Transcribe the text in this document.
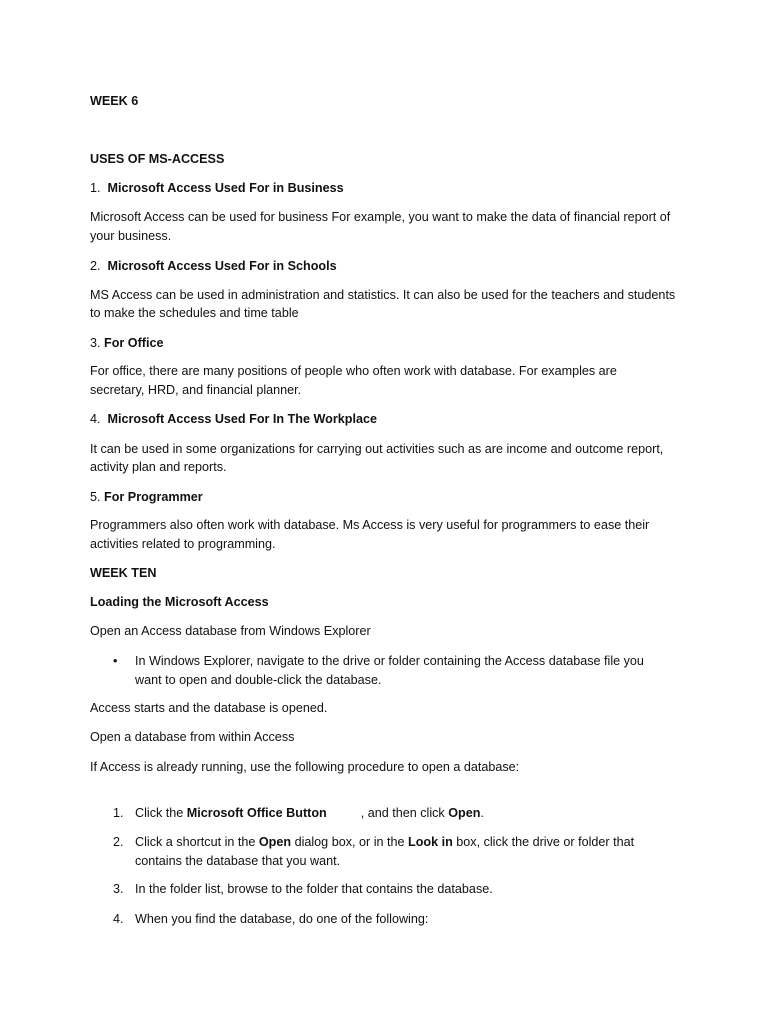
WEEK 6
USES OF MS-ACCESS
1. Microsoft Access Used For in Business
Microsoft Access can be used for business For example, you want to make the data of financial report of
your business.
2. Microsoft Access Used For in Schools
MS Access can be used in administration and statistics. It can also be used for the teachers and students
to make the schedules and time table
3. For Office
For office, there are many positions of people who often work with database. For examples are
secretary, HRD, and financial planner.
4. Microsoft Access Used For In The Workplace
It can be used in some organizations for carrying out activities such as are income and outcome report,
activity plan and reports.
5. For Programmer
Programmers also often work with database. Ms Access is very useful for programmers to ease their
activities related to programming.
WEEK TEN
Loading the Microsoft Access
Open an Access database from Windows Explorer
• In Windows Explorer, navigate to the drive or folder containing the Access database file you
want to open and double-click the database.
Access starts and the database is opened.
Open a database from within Access
If Access is already running, use the following procedure to open a database:
1. Click the Microsoft Office Button	, and then click Open.
2. Click a shortcut in the Open dialog box, or in the Look in box, click the drive or folder that
contains the database that you want.
3. In the folder list, browse to the folder that contains the database.
4. When you find the database, do one of the following:
